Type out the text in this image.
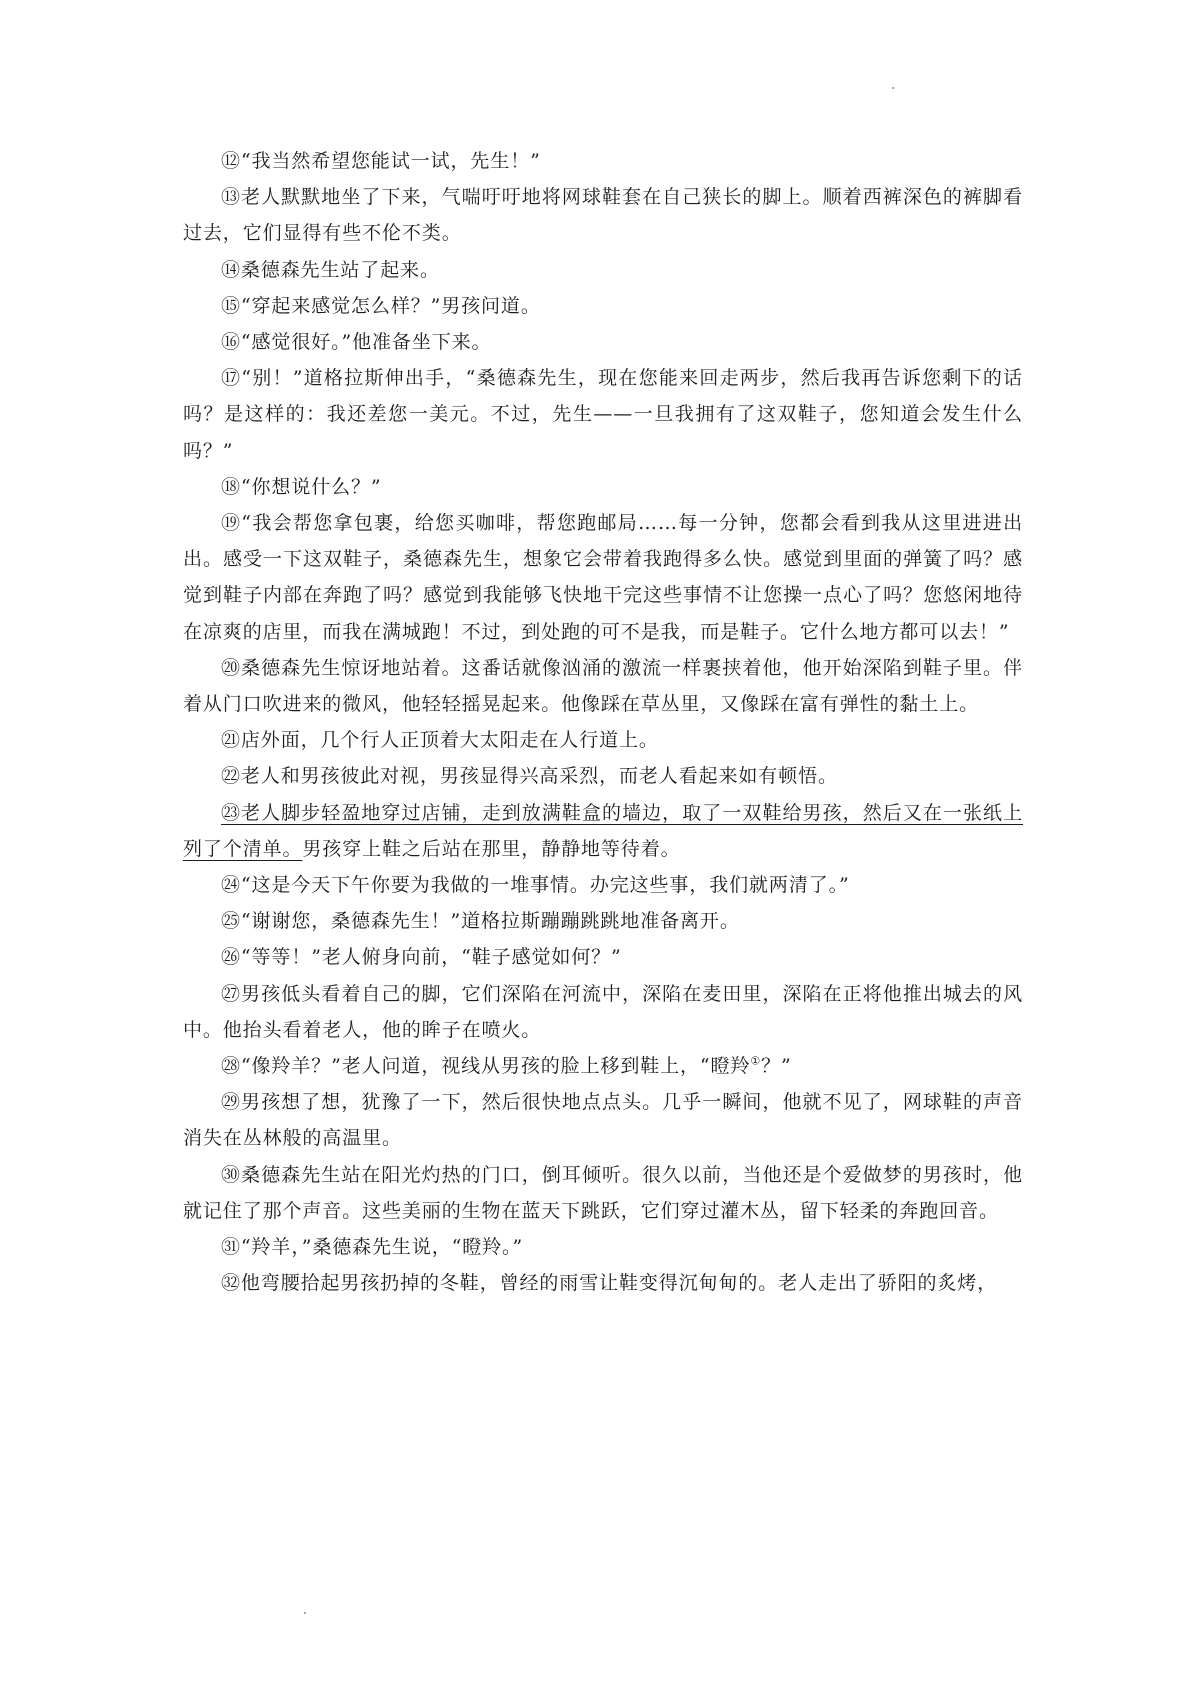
⑫“我当然希望您能试一试，先生！”

⑬老人默默地坐了下来，气喘吁吁地将网球鞋套在自己狭长的脚上。顺着西裤深色的裤脚看过去，它们显得有些不伦不类。

⑭桑德森先生站了起来。

⑮“穿起来感觉怎么样？”男孩问道。

⑯“感觉很好。”他准备坐下来。

⑰“别！”道格拉斯伸出手，“桑德森先生，现在您能来回走两步，然后我再告诉您剩下的话吗？是这样的：我还差您一美元。不过，先生——一旦我拥有了这双鞋子，您知道会发生什么吗？”

⑱“你想说什么？”

⑲“我会帮您拿包裹，给您买咖啡，帮您跑邮局……每一分钟，您都会看到我从这里进进出出。感受一下这双鞋子，桑德森先生，想象它会带着我跑得多么快。感觉到里面的弹簧了吗？感觉到鞋子内部在奔跑了吗？感觉到我能够飞快地干完这些事情不让您操一点心了吗？您悠闲地待在凉爽的店里，而我在满城跑！不过，到处跑的可不是我，而是鞋子。它什么地方都可以去！”

⑳桑德森先生惊讶地站着。这番话就像汹涌的激流一样裹挟着他，他开始深陷到鞋子里。伴着从门口吹进来的微风，他轻轻摇晃起来。他像踩在草丛里，又像踩在富有弹性的黏土上。

㉑店外面，几个行人正顶着大太阳走在人行道上。

㉒老人和男孩彼此对视，男孩显得兴高采烈，而老人看起来如有顿悟。

㉓老人脚步轻盈地穿过店铺，走到放满鞋盒的墙边，取了一双鞋给男孩，然后又在一张纸上列了个清单。男孩穿上鞋之后站在那里，静静地等待着。

㉔“这是今天下午你要为我做的一堆事情。办完这些事，我们就两清了。”

㉕“谢谢您，桑德森先生！”道格拉斯蹦蹦跳跳地准备离开。

㉖“等等！”老人俯身向前，“鞋子感觉如何？”

㉗男孩低头看着自己的脚，它们深陷在河流中，深陷在麦田里，深陷在正将他推出城去的风中。他抬头看着老人，他的眸子在喷火。

㉘“像羚羊？”老人问道，视线从男孩的脸上移到鞋上，“瞪羚①？”

㉙男孩想了想，犹豫了一下，然后很快地点点头。几乎一瞬间，他就不见了，网球鞋的声音消失在丛林般的高温里。

㉚桑德森先生站在阳光灼热的门口，倒耳倾听。很久以前，当他还是个爱做梦的男孩时，他就记住了那个声音。这些美丽的生物在蓝天下跳跃，它们穿过灌木丛，留下轻柔的奔跑回音。

㉛“羚羊，”桑德森先生说，“瞪羚。”

㉜他弯腰拾起男孩扔掉的冬鞋，曾经的雨雪让鞋变得沉甸甸的。老人走出了骄阳的炙烤，
